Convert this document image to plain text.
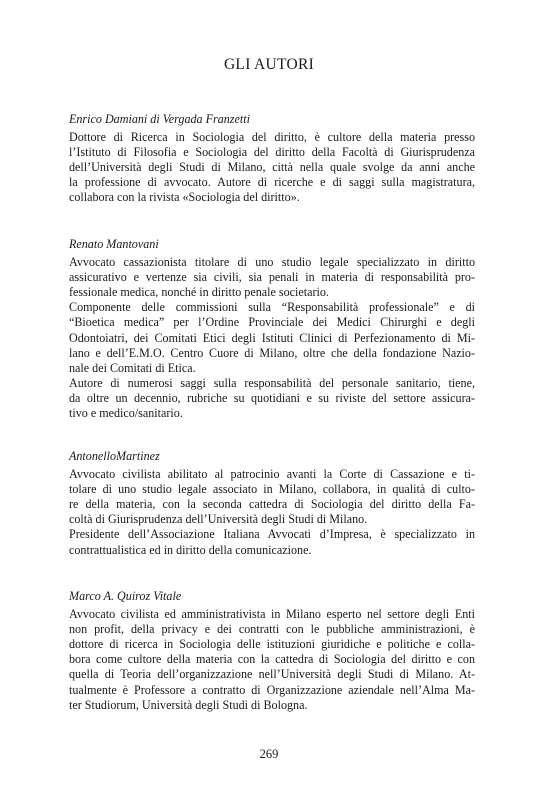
GLI AUTORI
Enrico Damiani di Vergada Franzetti
Dottore di Ricerca in Sociologia del diritto, è cultore della materia presso
l’Istituto di Filosofia e Sociologia del diritto della Facoltà di Giurisprudenza
dell’Università degli Studi di Milano, città nella quale svolge da anni anche
la professione di avvocato. Autore di ricerche e di saggi sulla magistratura,
collabora con la rivista «Sociologia del diritto».
Renato Mantovani
Avvocato cassazionista titolare di uno studio legale specializzato in diritto
assicurativo e vertenze sia civili, sia penali in materia di responsabilità pro-
fessionale medica, nonché in diritto penale societario.
Componente delle commissioni sulla “Responsabilità professionale” e di
“Bioetica medica” per l’Ordine Provinciale dei Medici Chirurghi e degli
Odontoiatri, dei Comitati Etici degli Istituti Clinici di Perfezionamento di Mi-
lano e dell’E.M.O. Centro Cuore di Milano, oltre che della fondazione Nazio-
nale dei Comitati di Etica.
Autore di numerosi saggi sulla responsabilità del personale sanitario, tiene,
da oltre un decennio, rubriche su quotidiani e su riviste del settore assicura-
tivo e medico/sanitario.
AntonelloMartinez
Avvocato civilista abilitato al patrocinio avanti la Corte di Cassazione e ti-
tolare di uno studio legale associato in Milano, collabora, in qualità di culto-
re della materia, con la seconda cattedra di Sociologia del diritto della Fa-
coltà di Giurisprudenza dell’Università degli Studi di Milano.
Presidente dell’Associazione Italiana Avvocati d’Impresa, è specializzato in
contrattualistica ed in diritto della comunicazione.
Marco A. Quiroz Vitale
Avvocato civilista ed amministrativista in Milano esperto nel settore degli Enti
non profit, della privacy e dei contratti con le pubbliche amministrazioni, è
dottore di ricerca in Sociologia delle istituzioni giuridiche e politiche e colla-
bora come cultore della materia con la cattedra di Sociologia del diritto e con
quella di Teoria dell’organizzazione nell’Università degli Studi di Milano. At-
tualmente è Professore a contratto di Organizzazione aziendale nell’Alma Ma-
ter Studiorum, Università degli Studi di Bologna.
269
